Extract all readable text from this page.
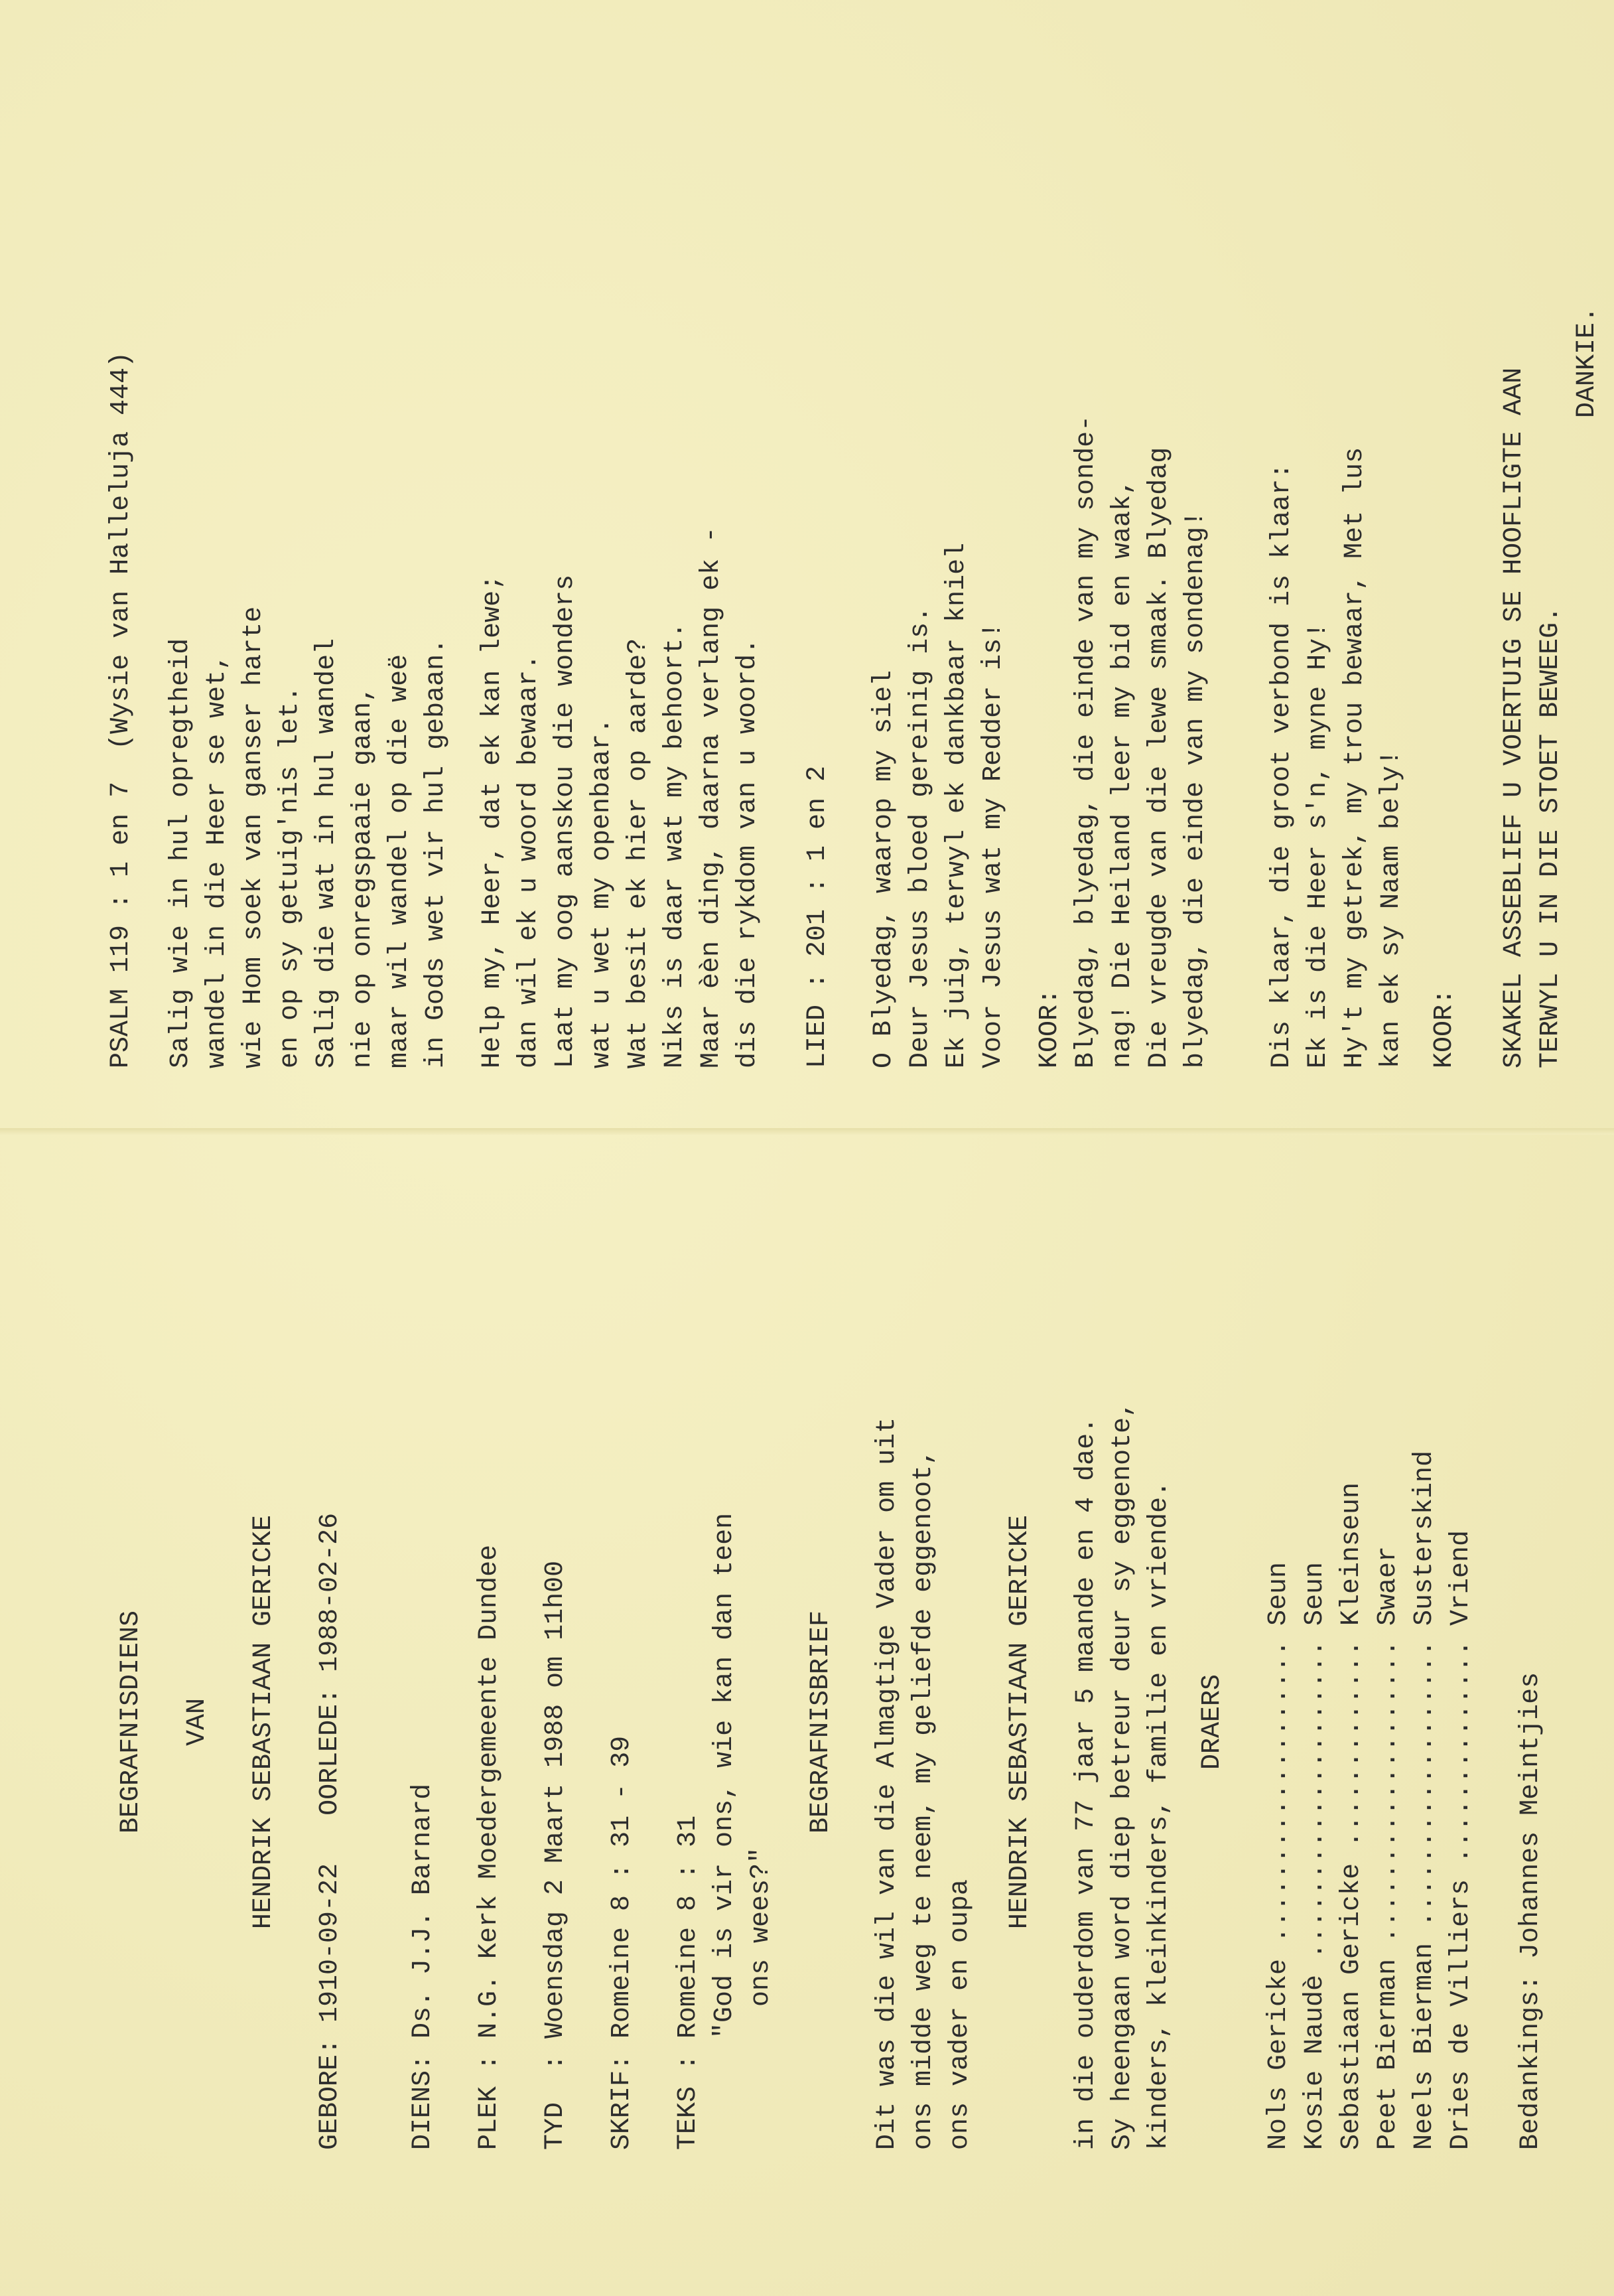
BEGRAFNISDIENS VAN HENDRIK SEBASTIAAN GERICKE GEBORE: 1910-09-22   OORLEDE: 1988-02-26 DIENS: Ds. J.J. Barnard PLEK : N.G. Kerk Moedergemeente Dundee TYD  : Woensdag 2 Maart 1988 om 11h00 SKRIF: Romeine 8 : 31 - 39 TEKS : Romeine 8 : 31 "God is vir ons, wie kan dan teen ons wees?"
BEGRAFNISBRIEF Dit was die wil van die Almagtige Vader om uit ons midde weg te neem, my geliefde eggenoot, ons vader en oupa
HENDRIK SEBASTIAAN GERICKE in die ouderdom van 77 jaar 5 maande en 4 dae. Sy heengaan word diep betreur deur sy eggenote, kinders, kleinkinders, familie en vriende. DRAERS Nols Gericke ...................
Seun
Kosie Naudè ....................
Seun
Sebastiaan Gericke .............
Kleinseun
Peet Bierman ...................
Swaer
Neels Bierman ..................
Susterskind
Dries de Villiers ..............
Vriend
Bedankings: Johannes Meintjies
PSALM 119 : 1 en 7  (Wysie van Halleluja 444) Salig wie in hul opregtheid wandel in die Heer se wet, wie Hom soek van ganser harte en op sy getuig'nis let. Salig die wat in hul wandel nie op onregspaaie gaan, maar wil wandel op die weë in Gods wet vir hul gebaan. Help my, Heer, dat ek kan lewe; dan wil ek u woord bewaar. Laat my oog aanskou die wonders wat u wet my openbaar. Wat besit ek hier op aarde? Niks is daar wat my behoort. Maar èèn ding, daarna verlang ek - dis die rykdom van u woord. LIED : 201 : 1 en 2 O Blyedag, waarop my siel Deur Jesus bloed gereinig is. Ek juig, terwyl ek dankbaar kniel Voor Jesus wat my Redder is! KOOR: Blyedag, blyedag, die einde van my sonde- nag! Die Heiland leer my bid en waak, Die vreugde van die lewe smaak. Blyedag blyedag, die einde van my sondenag! Dis klaar, die groot verbond is klaar: Ek is die Heer s'n, myne Hy! Hy't my getrek, my trou bewaar, Met lus kan ek sy Naam bely! KOOR: SKAKEL ASSEBLIEF U VOERTUIG SE HOOFLIGTE AAN TERWYL U IN DIE STOET BEWEEG.
DANKIE.
